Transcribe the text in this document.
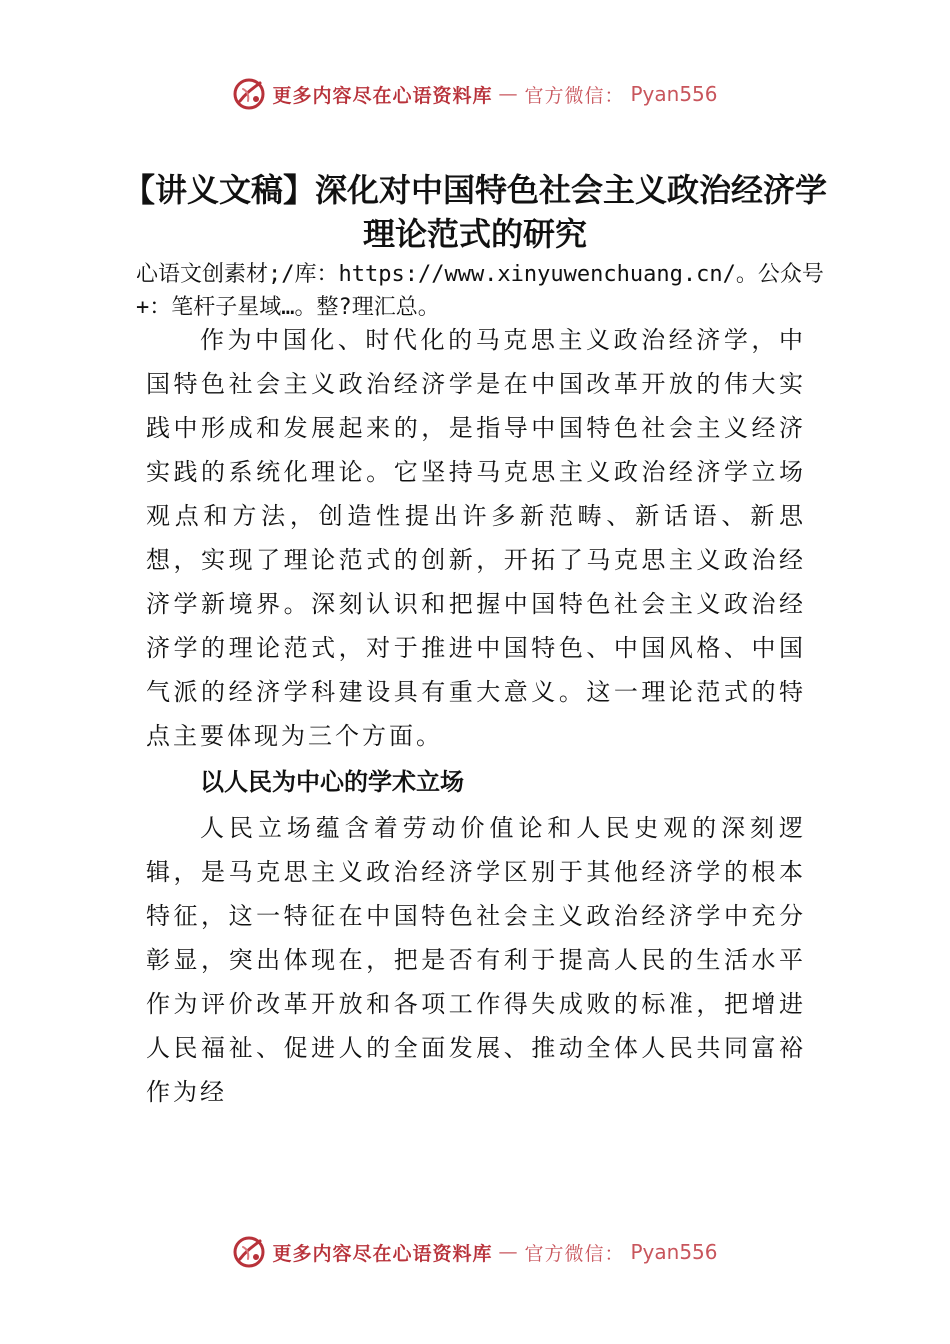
更多内容尽在心语资料库 — 官方微信： Pyan556
【讲义文稿】深化对中国特色社会主义政治经济学理论范式的研究

心语文创素材;/库：https://www.xinyuwenchuang.cn/。公众号+：笔杆子星域…。整?理汇总。

作为中国化、时代化的马克思主义政治经济学，中国特色社会主义政治经济学是在中国改革开放的伟大实践中形成和发展起来的，是指导中国特色社会主义经济实践的系统化理论。它坚持马克思主义政治经济学立场观点和方法，创造性提出许多新范畴、新话语、新思想，实现了理论范式的创新，开拓了马克思主义政治经济学新境界。深刻认识和把握中国特色社会主义政治经济学的理论范式，对于推进中国特色、中国风格、中国气派的经济学科建设具有重大意义。这一理论范式的特点主要体现为三个方面。

以人民为中心的学术立场

人民立场蕴含着劳动价值论和人民史观的深刻逻辑，是马克思主义政治经济学区别于其他经济学的根本特征，这一特征在中国特色社会主义政治经济学中充分彰显，突出体现在，把是否有利于提高人民的生活水平作为评价改革开放和各项工作得失成败的标准，把增进人民福祉、促进人的全面发展、推动全体人民共同富裕作为经

更多内容尽在心语资料库 — 官方微信： Pyan556
